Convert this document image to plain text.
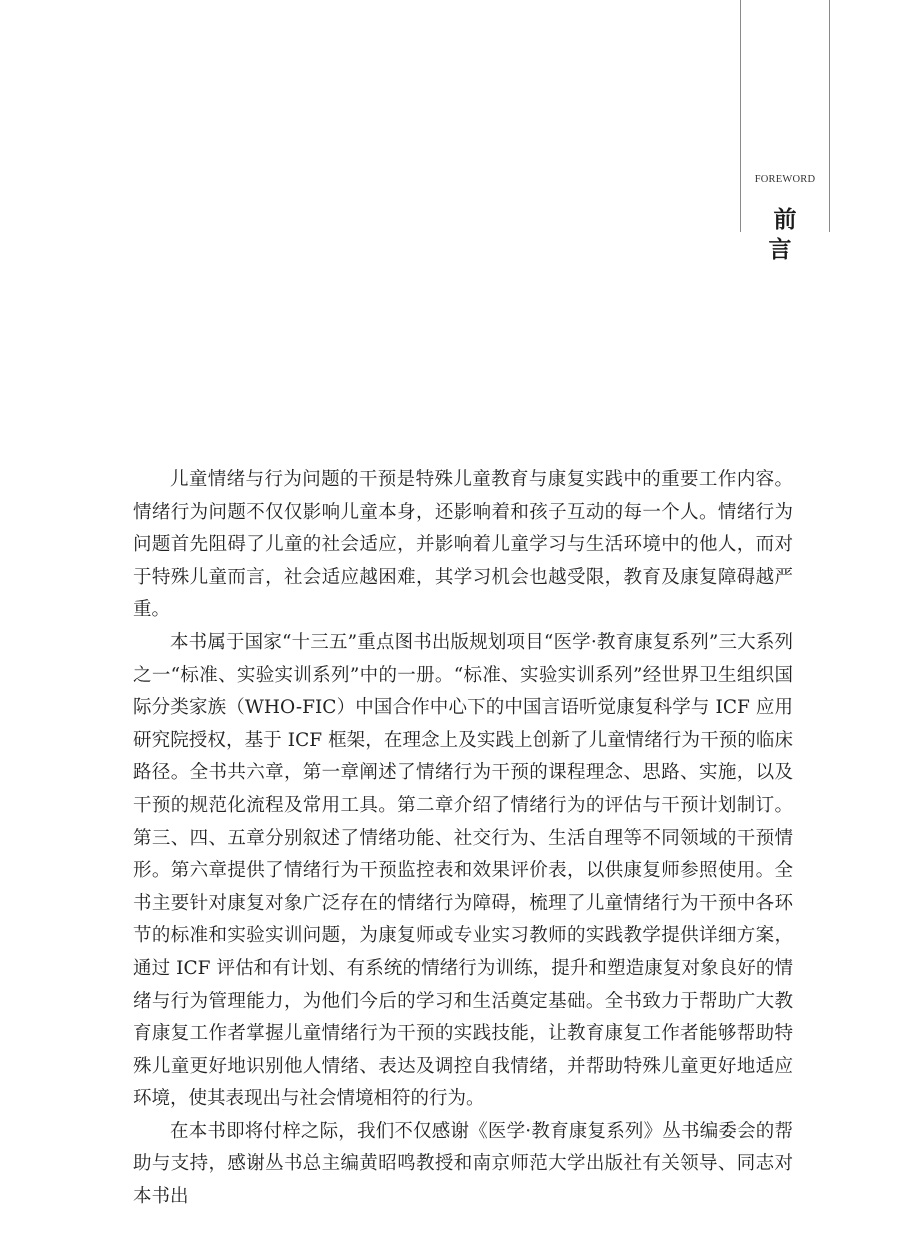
FOREWORD
前 言

儿童情绪与行为问题的干预是特殊儿童教育与康复实践中的重要工作内容。情绪行为问题不仅仅影响儿童本身，还影响着和孩子互动的每一个人。情绪行为问题首先阻碍了儿童的社会适应，并影响着儿童学习与生活环境中的他人，而对于特殊儿童而言，社会适应越困难，其学习机会也越受限，教育及康复障碍越严重。

本书属于国家“十三五”重点图书出版规划项目“医学·教育康复系列”三大系列之一“标准、实验实训系列”中的一册。“标准、实验实训系列”经世界卫生组织国际分类家族（WHO-FIC）中国合作中心下的中国言语听觉康复科学与 ICF 应用研究院授权，基于 ICF 框架，在理念上及实践上创新了儿童情绪行为干预的临床路径。全书共六章，第一章阐述了情绪行为干预的课程理念、思路、实施，以及干预的规范化流程及常用工具。第二章介绍了情绪行为的评估与干预计划制订。第三、四、五章分别叙述了情绪功能、社交行为、生活自理等不同领域的干预情形。第六章提供了情绪行为干预监控表和效果评价表，以供康复师参照使用。全书主要针对康复对象广泛存在的情绪行为障碍，梳理了儿童情绪行为干预中各环节的标准和实验实训问题，为康复师或专业实习教师的实践教学提供详细方案，通过 ICF 评估和有计划、有系统的情绪行为训练，提升和塑造康复对象良好的情绪与行为管理能力，为他们今后的学习和生活奠定基础。全书致力于帮助广大教育康复工作者掌握儿童情绪行为干预的实践技能，让教育康复工作者能够帮助特殊儿童更好地识别他人情绪、表达及调控自我情绪，并帮助特殊儿童更好地适应环境，使其表现出与社会情境相符的行为。

在本书即将付梓之际，我们不仅感谢《医学·教育康复系列》丛书编委会的帮助与支持，感谢丛书总主编黄昭鸣教授和南京师范大学出版社有关领导、同志对本书出
